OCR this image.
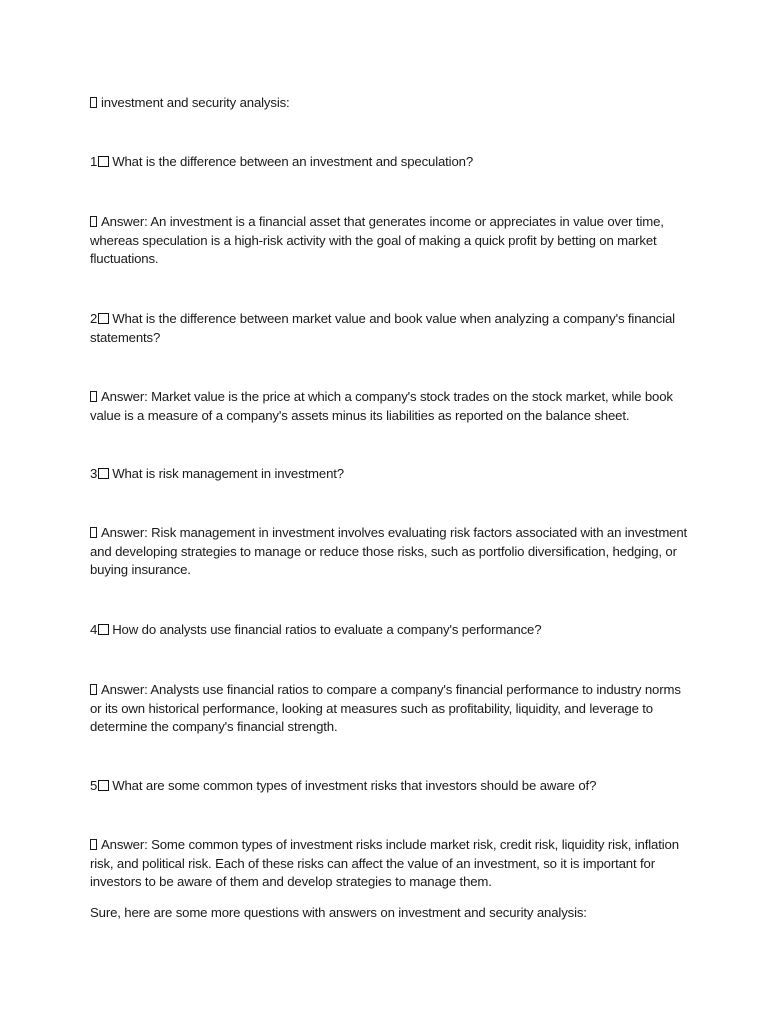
investment and security analysis:
1 What is the difference between an investment and speculation?
Answer: An investment is a financial asset that generates income or appreciates in value over time, whereas speculation is a high-risk activity with the goal of making a quick profit by betting on market fluctuations.
2 What is the difference between market value and book value when analyzing a company's financial statements?
Answer: Market value is the price at which a company's stock trades on the stock market, while book value is a measure of a company's assets minus its liabilities as reported on the balance sheet.
3 What is risk management in investment?
Answer: Risk management in investment involves evaluating risk factors associated with an investment and developing strategies to manage or reduce those risks, such as portfolio diversification, hedging, or buying insurance.
4 How do analysts use financial ratios to evaluate a company's performance?
Answer: Analysts use financial ratios to compare a company's financial performance to industry norms or its own historical performance, looking at measures such as profitability, liquidity, and leverage to determine the company's financial strength.
5 What are some common types of investment risks that investors should be aware of?
Answer: Some common types of investment risks include market risk, credit risk, liquidity risk, inflation risk, and political risk. Each of these risks can affect the value of an investment, so it is important for investors to be aware of them and develop strategies to manage them.
Sure, here are some more questions with answers on investment and security analysis:
